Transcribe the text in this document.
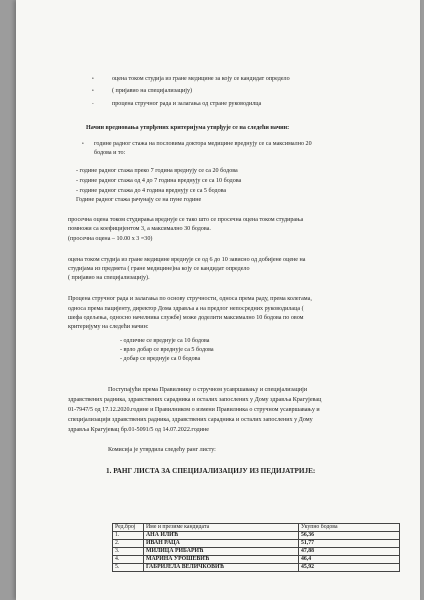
•
•
-
оцена током студија из гране медицине за коју се кандидат определо
( пријавио на специјализацију)
процена стручног рада и залагања од стране руководилца
Начин вредновања утврђених критеријума утврђује се на следећи начин:
• године радног стажа на пословима доктора медицине вреднују се са максимално 20
бодова и то:
- године радног стажа преко 7 година вреднују се са 20 бодова
- године радног стажа од 4 до 7 година вреднују се са 10 бодова
- године радног стажа до 4 година вреднују се са 5 бодова
Године радног стажа рачунају се на пуне године
просечна оцена током студирања вреднује се тако што се просечна оцена током студирања
помножи са коефицијентом 3, а максимално 30 бодова.
(просечна оцена – 10.00 x 3 =30)
оцена током студија из гране медицине вреднује се од 6 до 10 зависно од добијене оцене на
студијама из предмета ( гране медицине)на коју се кандидат определо
( пријавио на специјализацију).
Процена стручног рада и залагања по основу стручности, односа према раду, према колегама,
односа према пацијенту, директор Дома здравља а на предлог непосредних руководилаца (
шефа одељења, односно начелника службе) може доделити максимално 10 бодова по овом
критеријуму на следећи начин:
- одличне се вреднује са 10 бодова
- врло добар се вреднује са 5 бодова
- добар се вреднује са 0 бодова
Поступајући према Правилнику о стручном усавршавању и специјализацији
здравствених радника, здравствених сарадника и осталих запослених у Дому здравља Крагујевац
01-7947/5 од 17.12.2020.године и Правилником о измени Правилника о стручном усавршавању и
специјализацији здравствених радника, здравствених сарадника и осталих запослених у Дому
здравља Крагујевац бр.01-5091/5 од 14.07.2022.године
Комисија је утврдила следећу ранг листу:
1. РАНГ ЛИСТА ЗА СПЕЦИЈАЛИЗАЦИЈУ ИЗ ПЕДИЈАТРИЈЕ:
Ред.број	Име и презиме кандидата	Укупно бодова
1.	АНА ИЛИЋ	56,36
2.	ИВАН РАЦА	51,77
3.	МИЛИЦА РИБАРИЋ	47,88
4.	МАРИНА УРОШЕВИЋ	46,4
5.	ГАБРИЈЕЛА ВЕЛИЧКОВИЋ	45,92
